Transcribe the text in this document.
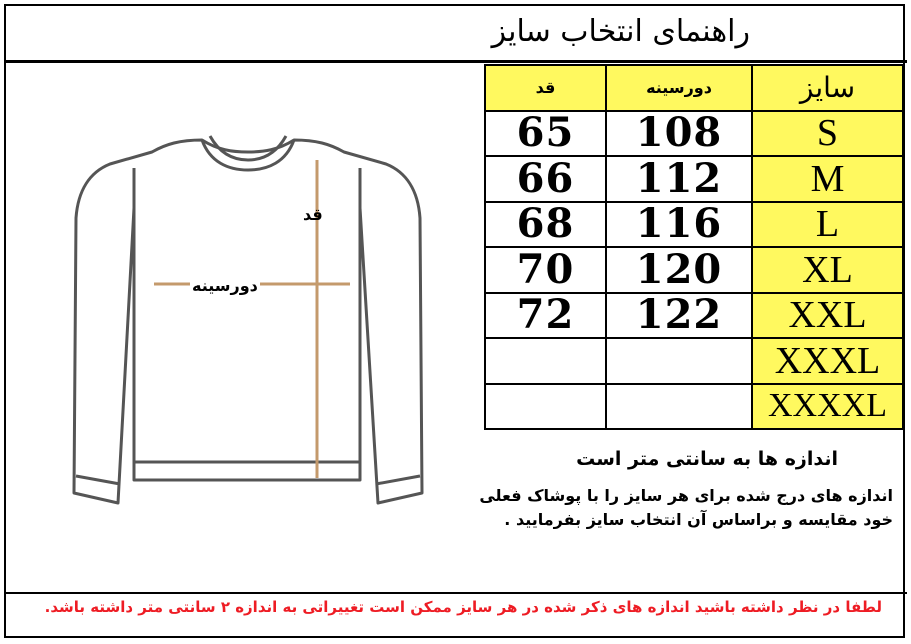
راهنمای انتخاب سایز
قد
دورسینه
قد	دورسینه	سایز
65	108	S
66	112	M
68	116	L
70	120	XL
72	122	XXL
		XXXL
		XXXXL
اندازه ها به سانتی متر است
اندازه های درج شده برای هر سایز را با پوشاک فعلی
خود مقایسه و براساس آن انتخاب سایز بفرمایید .
لطفا در نظر داشته باشید اندازه های ذکر شده در هر سایز ممکن است تغییراتی به اندازه ۲ سانتی متر داشته باشد.
